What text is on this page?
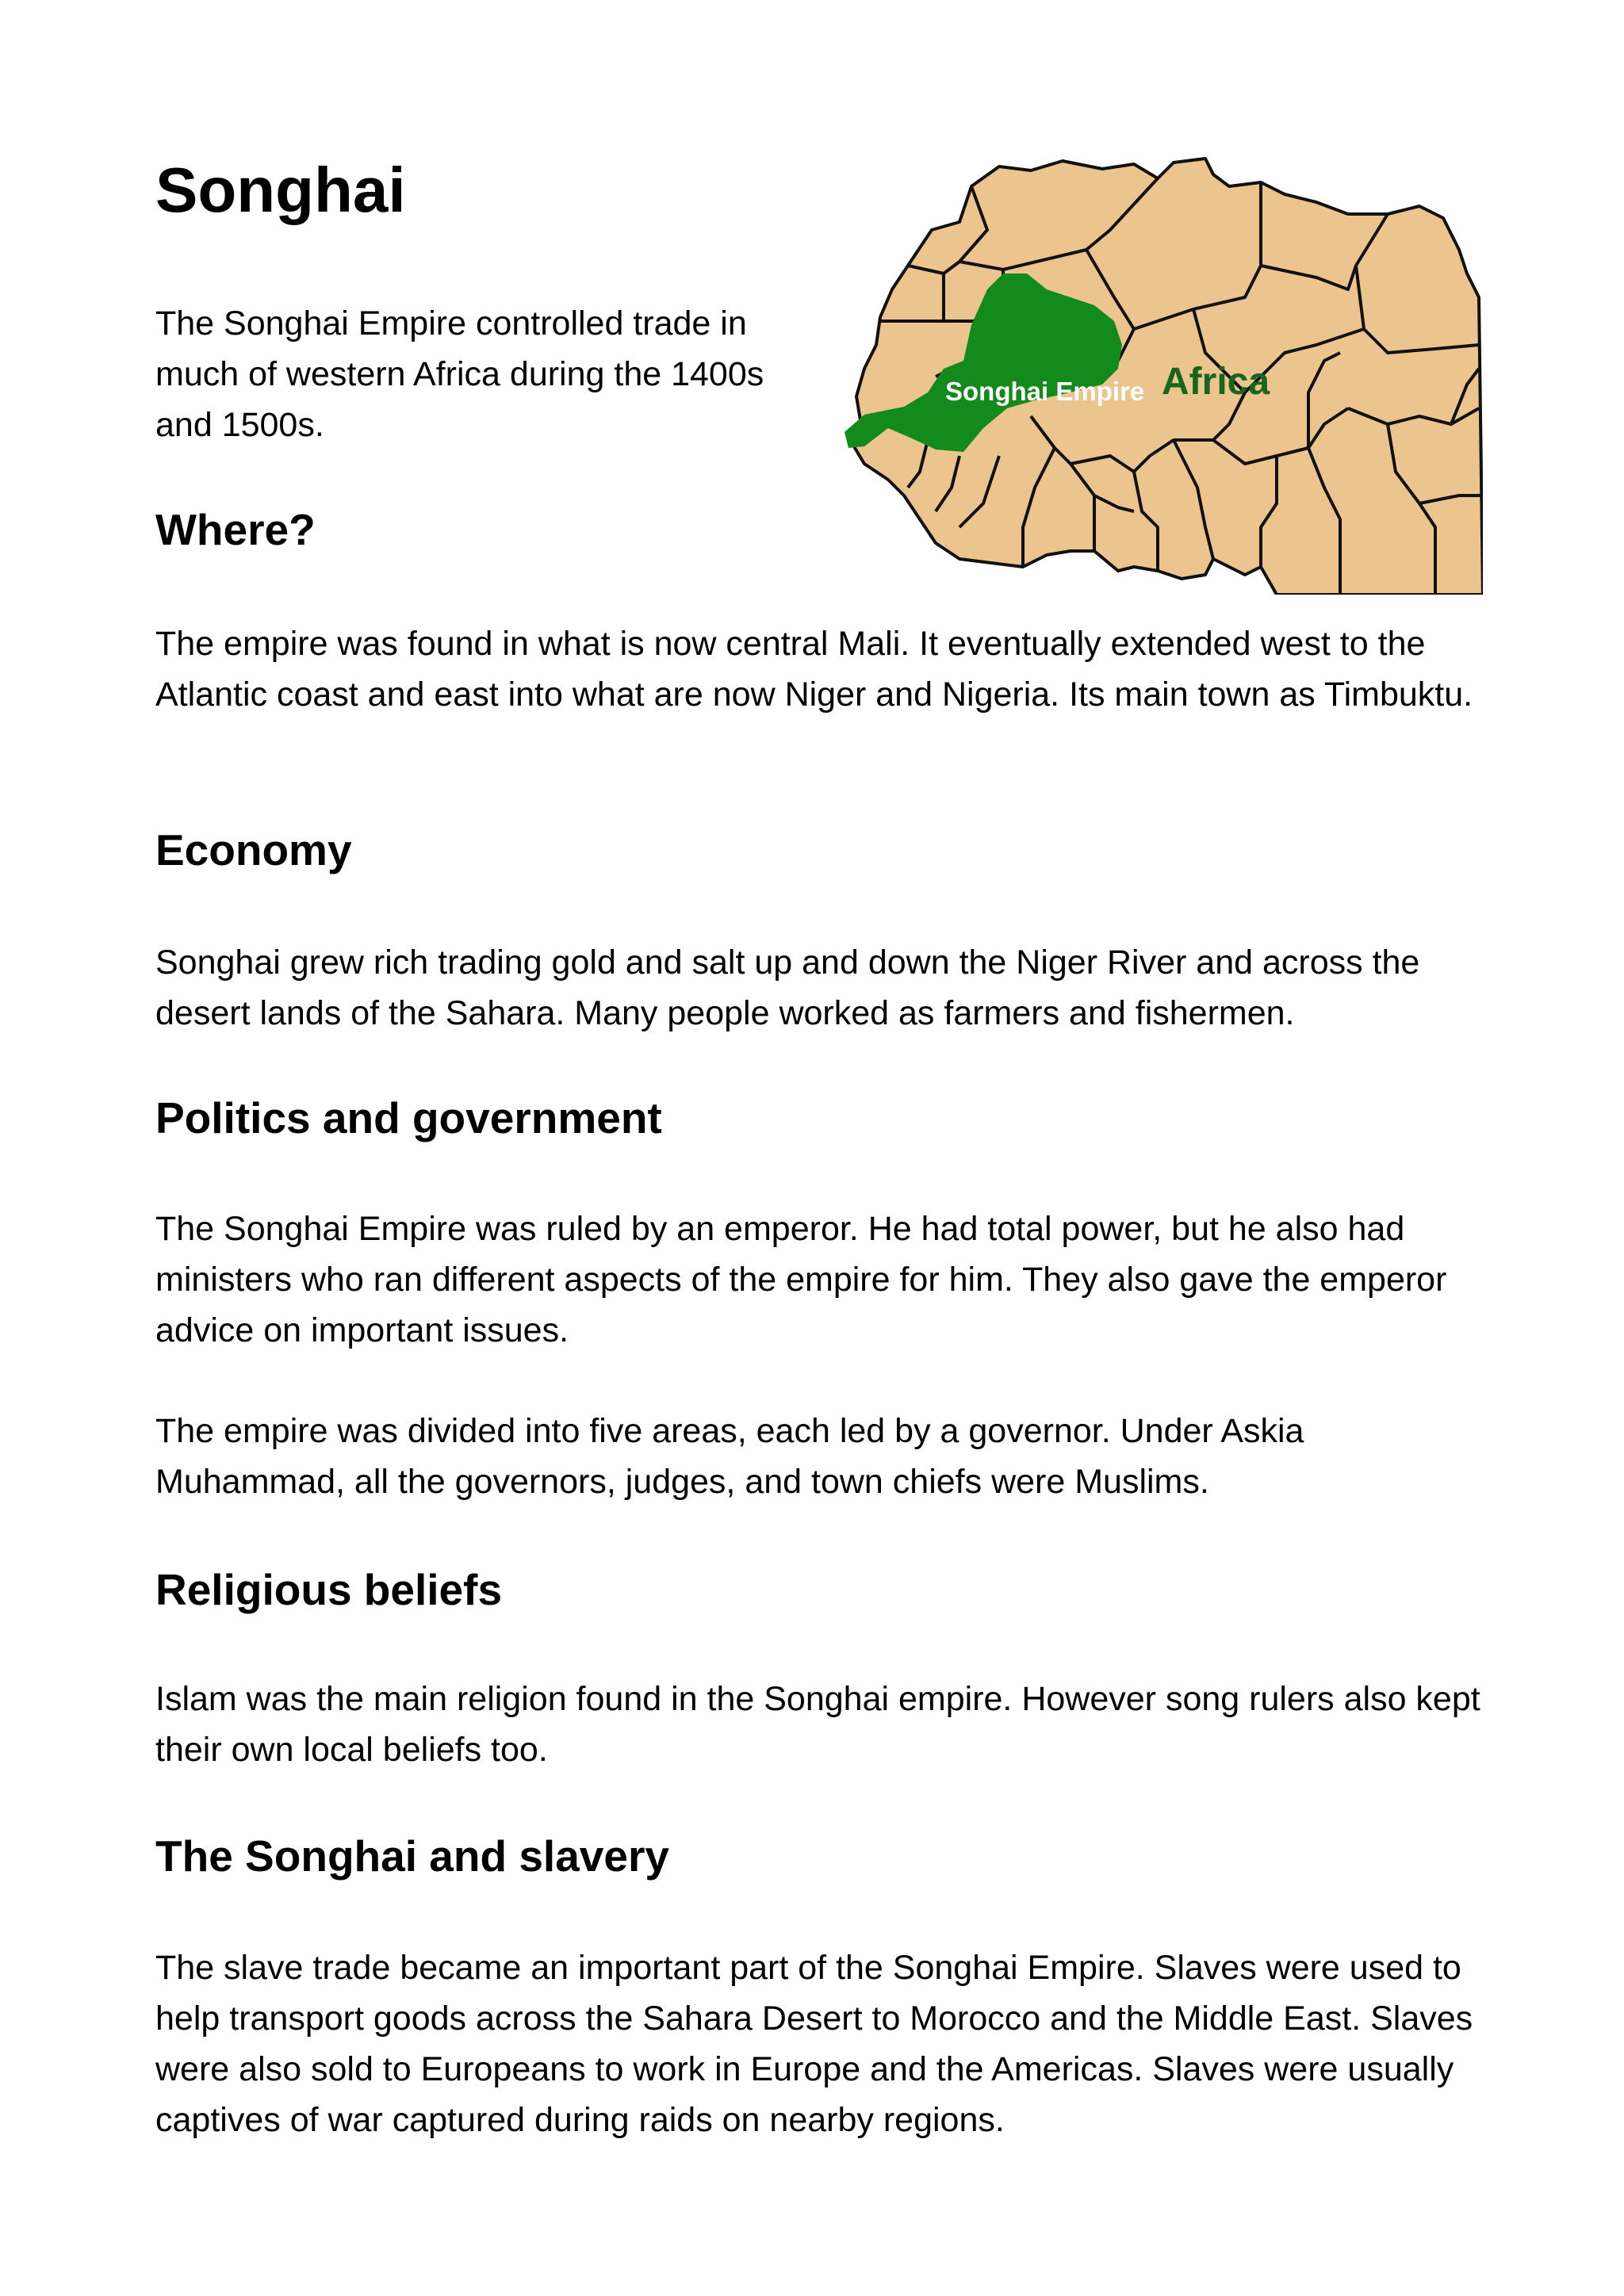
Songhai

The Songhai Empire controlled trade in much of western Africa during the 1400s and 1500s.

Songhai Empire Africa
Where?

The empire was found in what is now central Mali. It eventually extended west to the Atlantic coast and east into what are now Niger and Nigeria. Its main town as Timbuktu.

Economy

Songhai grew rich trading gold and salt up and down the Niger River and across the desert lands of the Sahara. Many people worked as farmers and fishermen.

Politics and government

The Songhai Empire was ruled by an emperor. He had total power, but he also had ministers who ran different aspects of the empire for him. They also gave the emperor advice on important issues.

The empire was divided into five areas, each led by a governor. Under Askia Muhammad, all the governors, judges, and town chiefs were Muslims.

Religious beliefs

Islam was the main religion found in the Songhai empire. However song rulers also kept their own local beliefs too.

The Songhai and slavery

The slave trade became an important part of the Songhai Empire. Slaves were used to help transport goods across the Sahara Desert to Morocco and the Middle East. Slaves were also sold to Europeans to work in Europe and the Americas. Slaves were usually captives of war captured during raids on nearby regions.
